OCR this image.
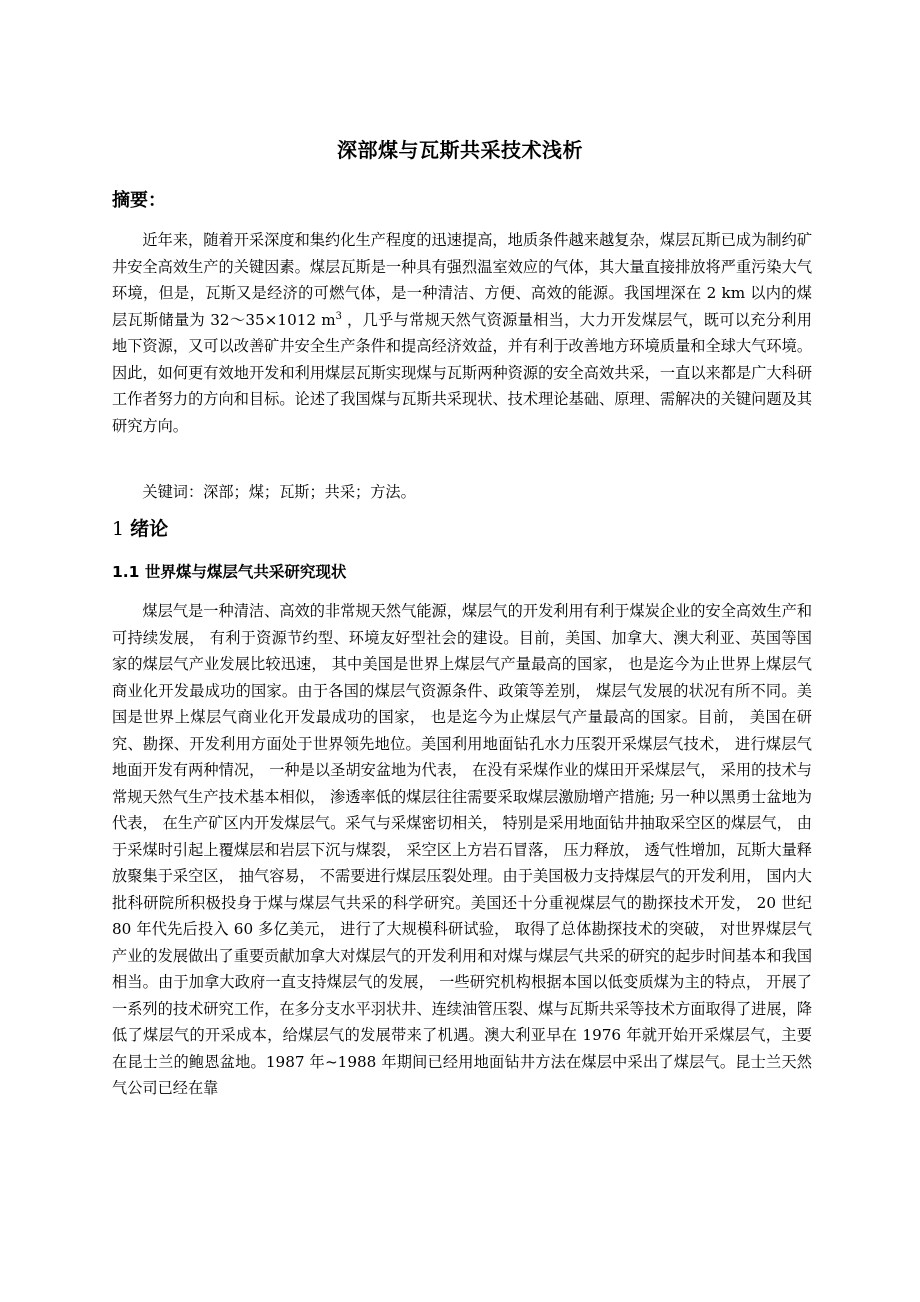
深部煤与瓦斯共采技术浅析
摘要：

近年来，随着开采深度和集约化生产程度的迅速提高，地质条件越来越复杂，煤层瓦斯已成为制约矿井安全高效生产的关键因素。煤层瓦斯是一种具有强烈温室效应的气体，其大量直接排放将严重污染大气环境，但是，瓦斯又是经济的可燃气体，是一种清洁、方便、高效的能源。我国埋深在 2 km 以内的煤层瓦斯储量为 32～35×1012 $m^3$ ，几乎与常规天然气资源量相当，大力开发煤层气，既可以充分利用地下资源，又可以改善矿井安全生产条件和提高经济效益，并有利于改善地方环境质量和全球大气环境。因此，如何更有效地开发和利用煤层瓦斯实现煤与瓦斯两种资源的安全高效共采，一直以来都是广大科研工作者努力的方向和目标。论述了我国煤与瓦斯共采现状、技术理论基础、原理、需解决的关键问题及其研究方向。

关键词：深部；煤；瓦斯；共采；方法。
1 绪论
1.1 世界煤与煤层气共采研究现状

煤层气是一种清洁、高效的非常规天然气能源，煤层气的开发利用有利于煤炭企业的安全高效生产和可持续发展， 有利于资源节约型、环境友好型社会的建设。目前，美国、加拿大、澳大利亚、英国等国家的煤层气产业发展比较迅速， 其中美国是世界上煤层气产量最高的国家， 也是迄今为止世界上煤层气商业化开发最成功的国家。由于各国的煤层气资源条件、政策等差别， 煤层气发展的状况有所不同。美国是世界上煤层气商业化开发最成功的国家， 也是迄今为止煤层气产量最高的国家。目前， 美国在研究、勘探、开发利用方面处于世界领先地位。美国利用地面钻孔水力压裂开采煤层气技术， 进行煤层气地面开发有两种情况， 一种是以圣胡安盆地为代表， 在没有采煤作业的煤田开采煤层气， 采用的技术与常规天然气生产技术基本相似， 渗透率低的煤层往往需要采取煤层激励增产措施; 另一种以黑勇士盆地为代表， 在生产矿区内开发煤层气。采气与采煤密切相关， 特别是采用地面钻井抽取采空区的煤层气， 由于采煤时引起上覆煤层和岩层下沉与煤裂， 采空区上方岩石冒落， 压力释放， 透气性增加，瓦斯大量释放聚集于采空区， 抽气容易， 不需要进行煤层压裂处理。由于美国极力支持煤层气的开发利用， 国内大批科研院所积极投身于煤与煤层气共采的科学研究。美国还十分重视煤层气的勘探技术开发， 20 世纪 80 年代先后投入 60 多亿美元， 进行了大规模科研试验， 取得了总体勘探技术的突破， 对世界煤层气产业的发展做出了重要贡献加拿大对煤层气的开发利用和对煤与煤层气共采的研究的起步时间基本和我国相当。由于加拿大政府一直支持煤层气的发展， 一些研究机构根据本国以低变质煤为主的特点， 开展了一系列的技术研究工作，在多分支水平羽状井、连续油管压裂、煤与瓦斯共采等技术方面取得了进展，降低了煤层气的开采成本，给煤层气的发展带来了机遇。澳大利亚早在 1976 年就开始开采煤层气，主要在昆士兰的鲍恩盆地。1987 年~1988 年期间已经用地面钻井方法在煤层中采出了煤层气。昆士兰天然气公司已经在靠
